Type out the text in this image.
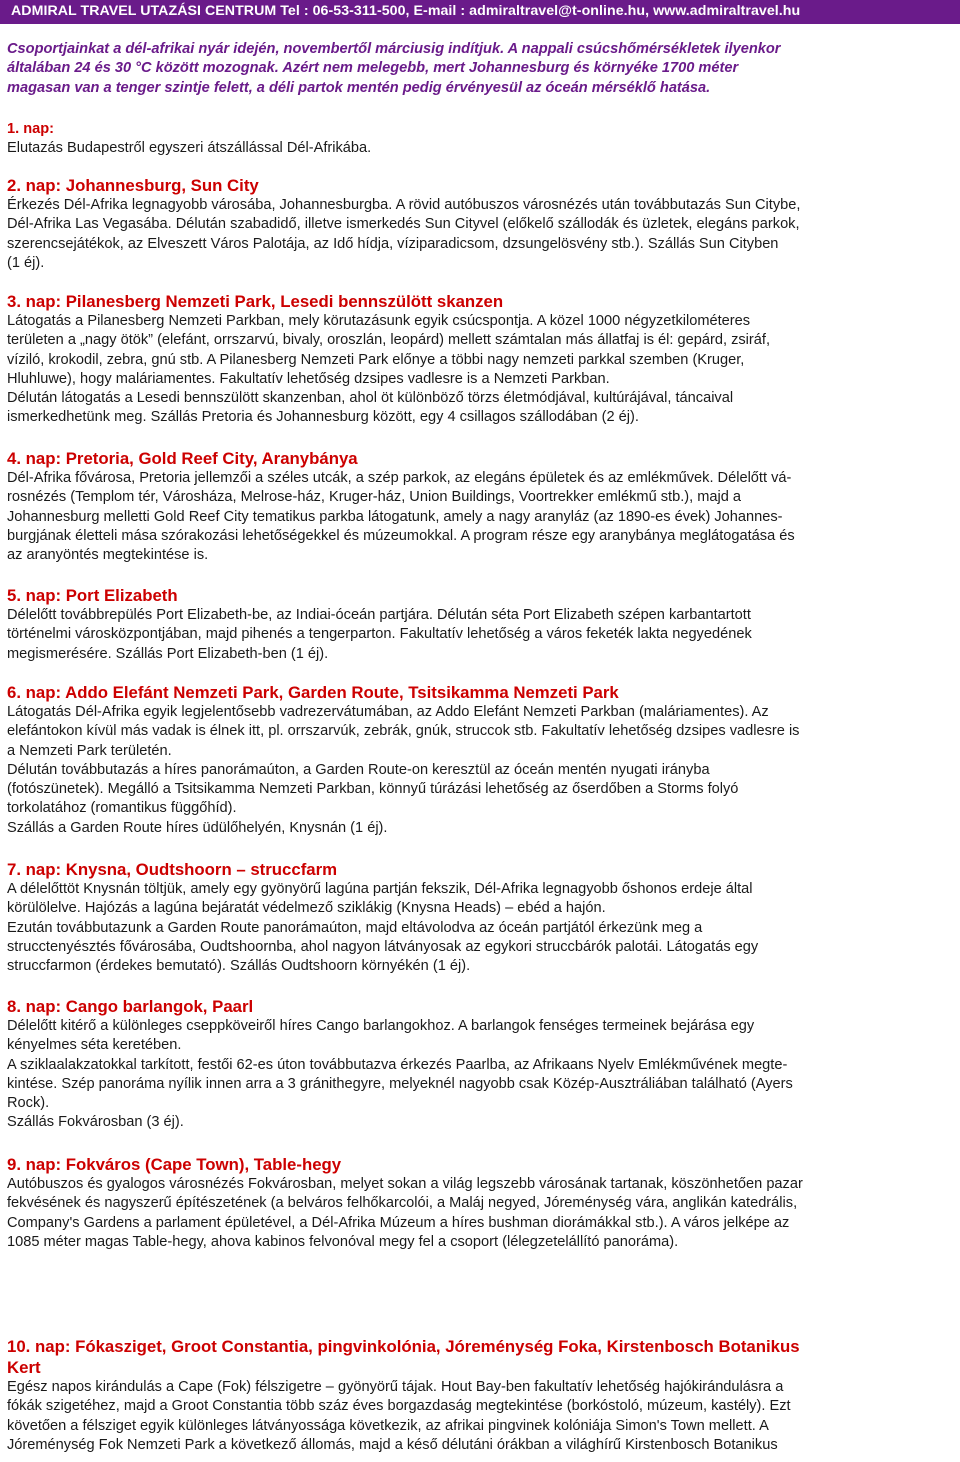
ADMIRAL TRAVEL UTAZÁSI CENTRUM Tel : 06-53-311-500, E-mail : admiraltravel@t-online.hu, www.admiraltravel.hu
Csoportjainkat a dél-afrikai nyár idején, novembertől márciusig indítjuk. A nappali csúcshőmérsékletek ilyenkor
általában 24 és 30 °C között mozognak. Azért nem melegebb, mert Johannesburg és környéke 1700 méter
magasan van a tenger szintje felett, a déli partok mentén pedig érvényesül az óceán mérséklő hatása.
1. nap:
Elutazás Budapestről egyszeri átszállással Dél-Afrikába.
2. nap: Johannesburg, Sun City
Érkezés Dél-Afrika legnagyobb városába, Johannesburgba. A rövid autóbuszos városnézés után továbbutazás Sun Citybe,
Dél-Afrika Las Vegasába. Délután szabadidő, illetve ismerkedés Sun Cityvel (előkelő szállodák és üzletek, elegáns parkok,
szerencsejátékok, az Elveszett Város Palotája, az Idő hídja, víziparadicsom, dzsungelösvény stb.). Szállás Sun Cityben
(1 éj).
3. nap: Pilanesberg Nemzeti Park, Lesedi bennszülött skanzen
Látogatás a Pilanesberg Nemzeti Parkban, mely körutazásunk egyik csúcspontja. A közel 1000 négyzetkilométeres
területen a „nagy ötök” (elefánt, orrszarvú, bivaly, oroszlán, leopárd) mellett számtalan más állatfaj is él: gepárd, zsiráf,
víziló, krokodil, zebra, gnú stb. A Pilanesberg Nemzeti Park előnye a többi nagy nemzeti parkkal szemben (Kruger,
Hluhluwe), hogy maláriamentes. Fakultatív lehetőség dzsipes vadlesre is a Nemzeti Parkban.
Délután látogatás a Lesedi bennszülött skanzenban, ahol öt különböző törzs életmódjával, kultúrájával, táncaival
ismerkedhetünk meg. Szállás Pretoria és Johannesburg között, egy 4 csillagos szállodában (2 éj).
4. nap: Pretoria, Gold Reef City, Aranybánya
Dél-Afrika fővárosa, Pretoria jellemzői a széles utcák, a szép parkok, az elegáns épületek és az emlékművek. Délelőtt vá-
rosnézés (Templom tér, Városháza, Melrose-ház, Kruger-ház, Union Buildings, Voortrekker emlékmű stb.), majd a
Johannesburg melletti Gold Reef City tematikus parkba látogatunk, amely a nagy aranyláz (az 1890-es évek) Johannes-
burgjának életteli mása szórakozási lehetőségekkel és múzeumokkal. A program része egy aranybánya meglátogatása és
az aranyöntés megtekintése is.
5. nap: Port Elizabeth
Délelőtt továbbrepülés Port Elizabeth-be, az Indiai-óceán partjára. Délután séta Port Elizabeth szépen karbantartott
történelmi városközpontjában, majd pihenés a tengerparton. Fakultatív lehetőség a város feketék lakta negyedének
megismerésére. Szállás Port Elizabeth-ben (1 éj).
6. nap: Addo Elefánt Nemzeti Park, Garden Route, Tsitsikamma Nemzeti Park
Látogatás Dél-Afrika egyik legjelentősebb vadrezervátumában, az Addo Elefánt Nemzeti Parkban (maláriamentes). Az
elefántokon kívül más vadak is élnek itt, pl. orrszarvúk, zebrák, gnúk, struccok stb. Fakultatív lehetőség dzsipes vadlesre is
a Nemzeti Park területén.
Délután továbbutazás a híres panorámaúton, a Garden Route-on keresztül az óceán mentén nyugati irányba
(fotószünetek). Megálló a Tsitsikamma Nemzeti Parkban, könnyű túrázási lehetőség az őserdőben a Storms folyó
torkolatához (romantikus függőhíd).
Szállás a Garden Route híres üdülőhelyén, Knysnán (1 éj).
7. nap: Knysna, Oudtshoorn – struccfarm
A délelőttöt Knysnán töltjük, amely egy gyönyörű lagúna partján fekszik, Dél-Afrika legnagyobb őshonos erdeje által
körülölelve. Hajózás a lagúna bejáratát védelmező sziklákig (Knysna Heads) – ebéd a hajón.
Ezután továbbutazunk a Garden Route panorámaúton, majd eltávolodva az óceán partjától érkezünk meg a
strucctenyésztés fővárosába, Oudtshoornba, ahol nagyon látványosak az egykori struccbárók palotái. Látogatás egy
struccfarmon (érdekes bemutató). Szállás Oudtshoorn környékén (1 éj).
8. nap: Cango barlangok, Paarl
Délelőtt kitérő a különleges cseppköveiről híres Cango barlangokhoz. A barlangok fenséges termeinek bejárása egy
kényelmes séta keretében.
A sziklaalakzatokkal tarkított, festői 62-es úton továbbutazva érkezés Paarlba, az Afrikaans Nyelv Emlékművének megte-
kintése. Szép panoráma nyílik innen arra a 3 gránithegyre, melyeknél nagyobb csak Közép-Ausztráliában található (Ayers
Rock).
Szállás Fokvárosban (3 éj).
9. nap: Fokváros (Cape Town), Table-hegy
Autóbuszos és gyalogos városnézés Fokvárosban, melyet sokan a világ legszebb városának tartanak, köszönhetően pazar
fekvésének és nagyszerű építészetének (a belváros felhőkarcolói, a Maláj negyed, Jóreménység vára, anglikán katedrális,
Company's Gardens a parlament épületével, a Dél-Afrika Múzeum a híres bushman diorámákkal stb.). A város jelképe az
1085 méter magas Table-hegy, ahova kabinos felvonóval megy fel a csoport (lélegzetelállító panoráma).
10. nap: Fókasziget, Groot Constantia, pingvinkolónia, Jóreménység Foka, Kirstenbosch Botanikus
Kert
Egész napos kirándulás a Cape (Fok) félszigetre – gyönyörű tájak. Hout Bay-ben fakultatív lehetőség hajókirándulásra a
fókák szigetéhez, majd a Groot Constantia több száz éves borgazdaság megtekintése (borkóstoló, múzeum, kastély). Ezt
követően a félsziget egyik különleges látványossága következik, az afrikai pingvinek kolóniája Simon's Town mellett. A
Jóreménység Fok Nemzeti Park a következő állomás, majd a késő délutáni órákban a világhírű Kirstenbosch Botanikus
